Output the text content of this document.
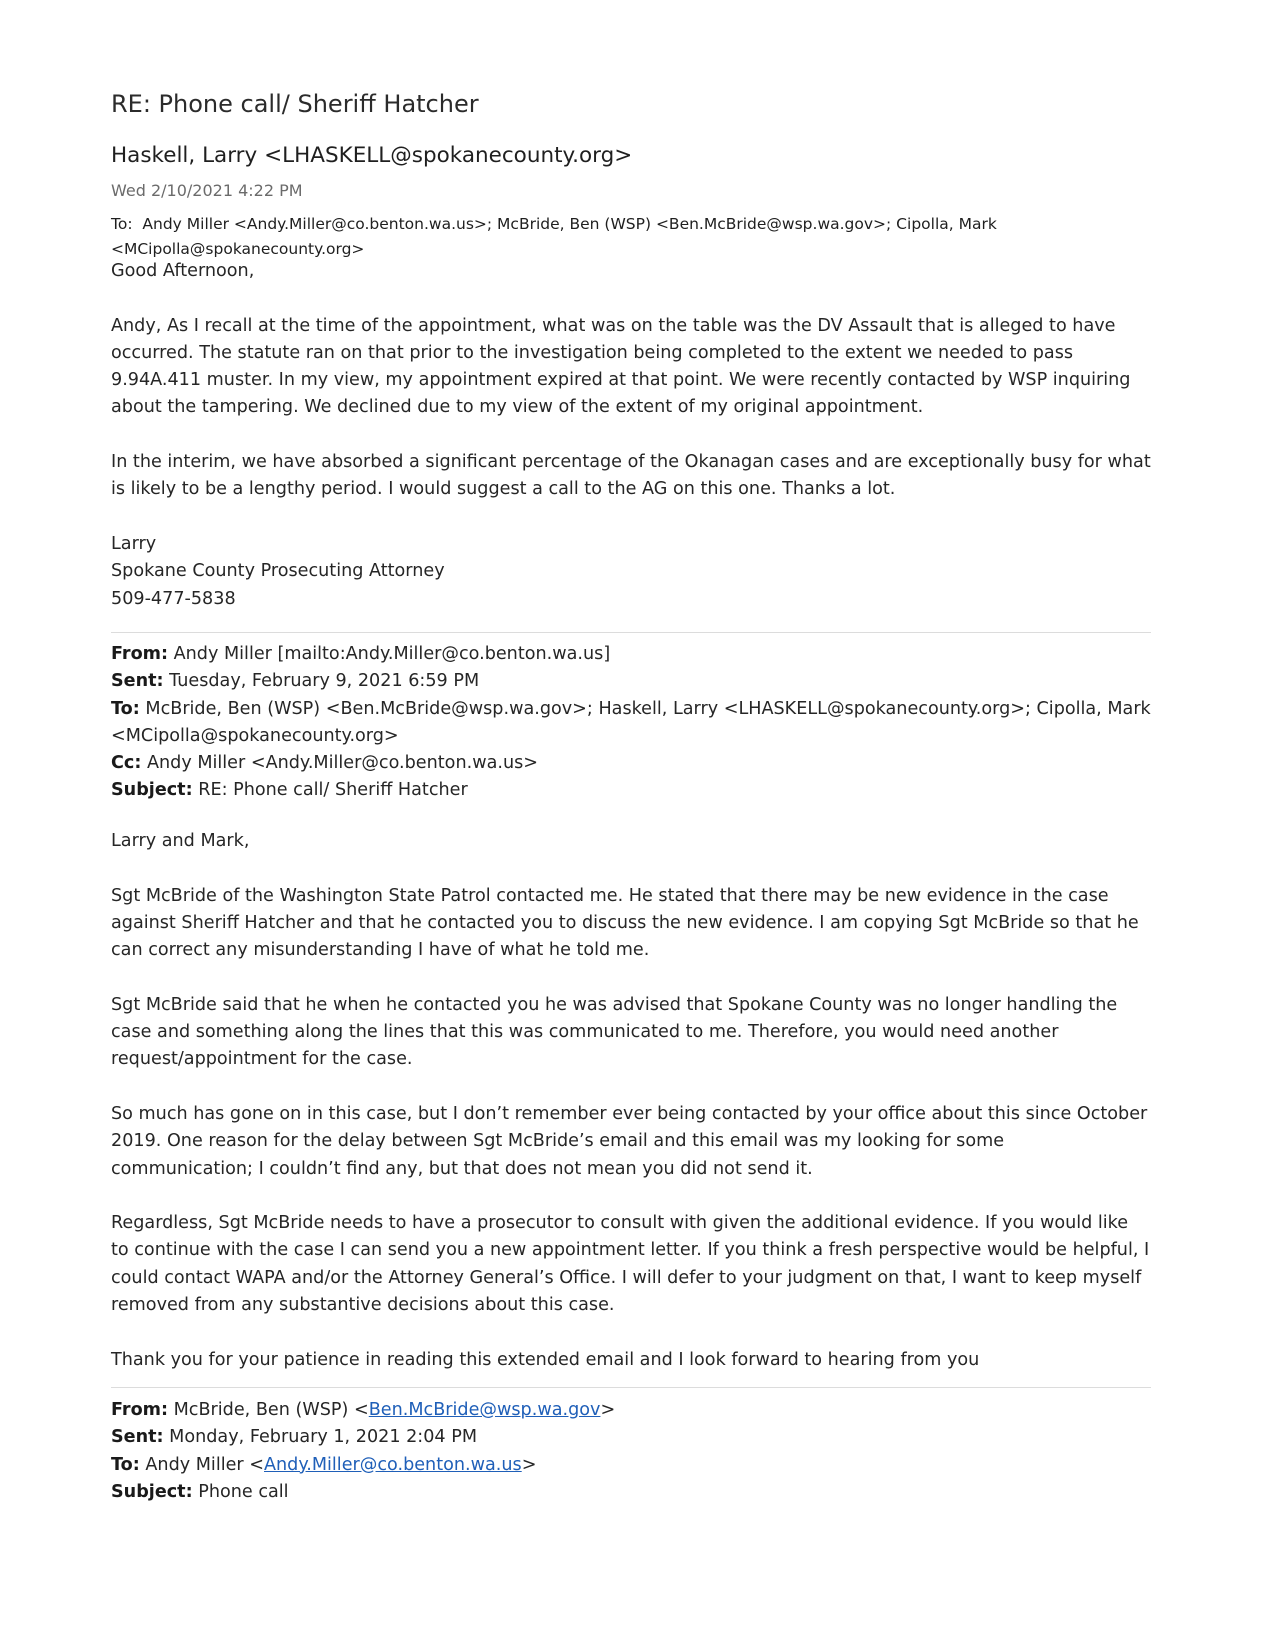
RE: Phone call/ Sheriff Hatcher
Haskell, Larry <LHASKELL@spokanecounty.org>
Wed 2/10/2021 4:22 PM
To: Andy Miller <Andy.Miller@co.benton.wa.us>; McBride, Ben (WSP) <Ben.McBride@wsp.wa.gov>; Cipolla, Mark <MCipolla@spokanecounty.org>

Good Afternoon,

Andy, As I recall at the time of the appointment, what was on the table was the DV Assault that is alleged to have occurred. The statute ran on that prior to the investigation being completed to the extent we needed to pass 9.94A.411 muster. In my view, my appointment expired at that point. We were recently contacted by WSP inquiring about the tampering. We declined due to my view of the extent of my original appointment.

In the interim, we have absorbed a significant percentage of the Okanagan cases and are exceptionally busy for what is likely to be a lengthy period. I would suggest a call to the AG on this one. Thanks a lot.

Larry

Spokane County Prosecuting Attorney

509-477-5838

From: Andy Miller [mailto:Andy.Miller@co.benton.wa.us]
Sent: Tuesday, February 9, 2021 6:59 PM
To: McBride, Ben (WSP) <Ben.McBride@wsp.wa.gov>; Haskell, Larry <LHASKELL@spokanecounty.org>; Cipolla, Mark <MCipolla@spokanecounty.org>
Cc: Andy Miller <Andy.Miller@co.benton.wa.us>
Subject: RE: Phone call/ Sheriff Hatcher

Larry and Mark,

Sgt McBride of the Washington State Patrol contacted me. He stated that there may be new evidence in the case against Sheriff Hatcher and that he contacted you to discuss the new evidence. I am copying Sgt McBride so that he can correct any misunderstanding I have of what he told me.

Sgt McBride said that he when he contacted you he was advised that Spokane County was no longer handling the case and something along the lines that this was communicated to me. Therefore, you would need another request/appointment for the case.

So much has gone on in this case, but I don’t remember ever being contacted by your office about this since October 2019. One reason for the delay between Sgt McBride’s email and this email was my looking for some communication; I couldn’t find any, but that does not mean you did not send it.

Regardless, Sgt McBride needs to have a prosecutor to consult with given the additional evidence. If you would like to continue with the case I can send you a new appointment letter. If you think a fresh perspective would be helpful, I could contact WAPA and/or the Attorney General’s Office. I will defer to your judgment on that, I want to keep myself removed from any substantive decisions about this case.

Thank you for your patience in reading this extended email and I look forward to hearing from you

From: McBride, Ben (WSP) <Ben.McBride@wsp.wa.gov>
Sent: Monday, February 1, 2021 2:04 PM
To: Andy Miller <Andy.Miller@co.benton.wa.us>
Subject: Phone call
